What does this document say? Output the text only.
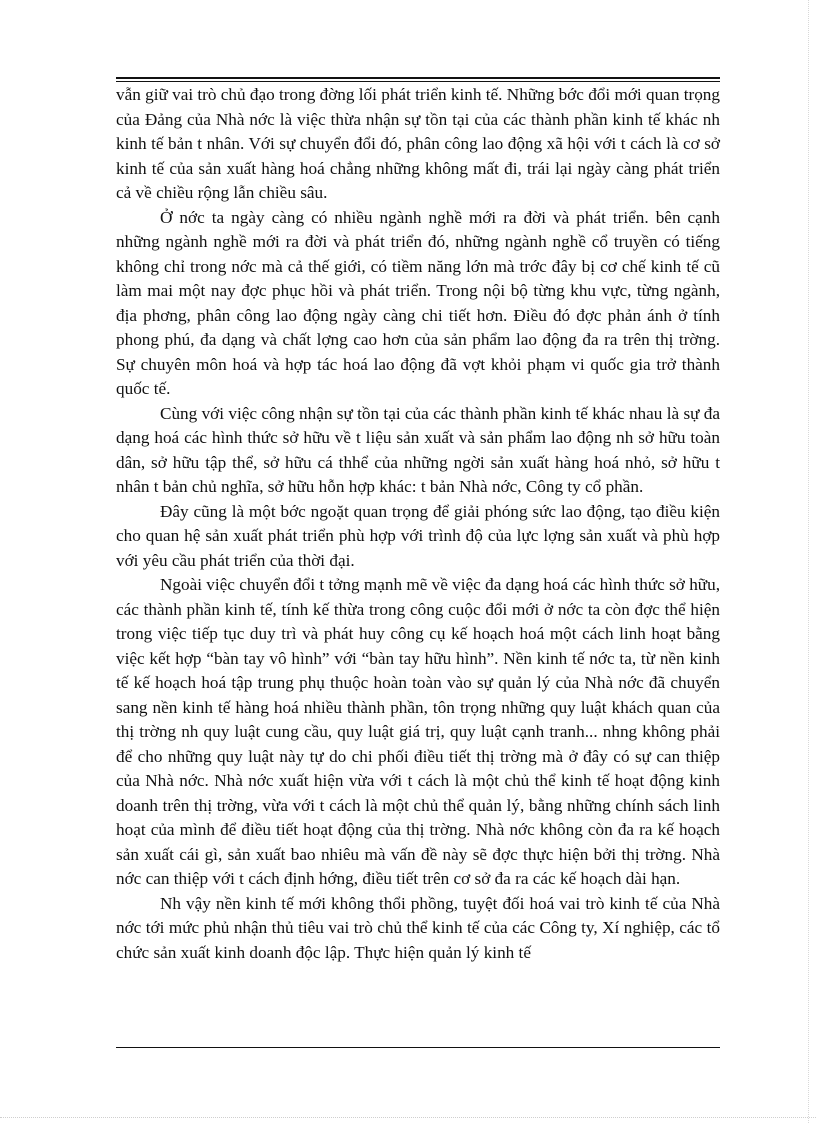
vẫn giữ vai trò chủ đạo trong đờng lối phát triển kinh tế. Những bớc đổi mới quan trọng của Đảng của Nhà nớc là việc thừa nhận sự tồn tại của các thành phần kinh tế khác nh kinh tế bản t nhân. Với sự chuyển đổi đó, phân công lao động xã hội với t cách là cơ sở kinh tế của sản xuất hàng hoá chẳng những không mất đi, trái lại ngày càng phát triển cả về chiều rộng lẫn chiều sâu.

Ở nớc ta ngày càng có nhiều ngành nghề mới ra đời và phát triển. bên cạnh những ngành nghề mới ra đời và phát triển đó, những ngành nghề cổ truyền có tiếng không chỉ trong nớc mà cả thế giới, có tiềm năng lớn mà trớc đây bị cơ chế kinh tế cũ làm mai một nay đợc phục hồi và phát triển. Trong nội bộ từng khu vực, từng ngành, địa phơng, phân công lao động ngày càng chi tiết hơn. Điều đó đợc phản ánh ở tính phong phú, đa dạng và chất lợng cao hơn của sản phẩm lao động đa ra trên thị trờng. Sự chuyên môn hoá và hợp tác hoá lao động đã vợt khỏi phạm vi quốc gia trở thành quốc tế.

Cùng với việc công nhận sự tồn tại của các thành phần kinh tế khác nhau là sự đa dạng hoá các hình thức sở hữu về t liệu sản xuất và sản phẩm lao động nh sở hữu toàn dân, sở hữu tập thể, sở hữu cá thhể của những ngời sản xuất hàng hoá nhỏ, sở hữu t nhân t bản chủ nghĩa, sở hữu hỗn hợp khác: t bản Nhà nớc, Công ty cổ phần.

Đây cũng là một bớc ngoặt quan trọng để giải phóng sức lao động, tạo điều kiện cho quan hệ sản xuất phát triển phù hợp với trình độ của lực lợng sản xuất và phù hợp với yêu cầu phát triển của thời đại.

Ngoài việc chuyển đổi t tởng mạnh mẽ về việc đa dạng hoá các hình thức sở hữu, các thành phần kinh tế, tính kế thừa trong công cuộc đổi mới ở nớc ta còn đợc thể hiện trong việc tiếp tục duy trì và phát huy công cụ kế hoạch hoá một cách linh hoạt bằng việc kết hợp “bàn tay vô hình” với “bàn tay hữu hình”. Nền kinh tế nớc ta, từ nền kinh tế kế hoạch hoá tập trung phụ thuộc hoàn toàn vào sự quản lý của Nhà nớc đã chuyển sang nền kinh tế hàng hoá nhiều thành phần, tôn trọng những quy luật khách quan của thị trờng nh quy luật cung cầu, quy luật giá trị, quy luật cạnh tranh... nhng không phải để cho những quy luật này tự do chi phối điều tiết thị trờng mà ở đây có sự can thiệp của Nhà nớc. Nhà nớc xuất hiện vừa với t cách là một chủ thể kinh tế hoạt động kinh doanh trên thị trờng, vừa với t cách là một chủ thể quản lý, bằng những chính sách linh hoạt của mình để điều tiết hoạt động của thị trờng. Nhà nớc không còn đa ra kế hoạch sản xuất cái gì, sản xuất bao nhiêu mà vấn đề này sẽ đợc thực hiện bởi thị trờng. Nhà nớc can thiệp với t cách định hớng, điều tiết trên cơ sở đa ra các kế hoạch dài hạn.

Nh vậy nền kinh tế mới không thổi phồng, tuyệt đối hoá vai trò kinh tế của Nhà nớc tới mức phủ nhận thủ tiêu vai trò chủ thể kinh tế của các Công ty, Xí nghiệp, các tổ chức sản xuất kinh doanh độc lập. Thực hiện quản lý kinh tế
